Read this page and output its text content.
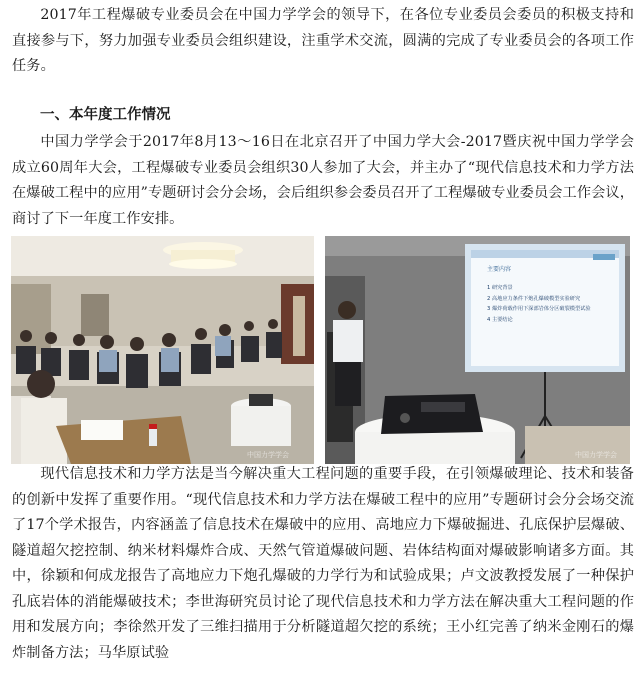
2017年工程爆破专业委员会在中国力学学会的领导下，在各位专业委员会委员的积极支持和直接参与下，努力加强专业委员会组织建设，注重学术交流，圆满的完成了专业委员会的各项工作任务。

一、本年度工作情况

中国力学学会于2017年8月13～16日在北京召开了中国力学大会-2017暨庆祝中国力学学会成立60周年大会，工程爆破专业委员会组织30人参加了大会，并主办了“现代信息技术和力学方法在爆破工程中的应用”专题研讨会分会场，会后组织参会委员召开了工程爆破专业委员会工作会议，商讨了下一年度工作安排。

中国力学学会
主要内容
1 研究背景
2 高地应力条件下炮孔爆破模型实验研究
3 爆炸荷载作用下深部岩体分区破裂模型试验
4 主要结论
中国力学学会

现代信息技术和力学方法是当今解决重大工程问题的重要手段，在引领爆破理论、技术和装备的创新中发挥了重要作用。“现代信息技术和力学方法在爆破工程中的应用”专题研讨会分会场交流了17个学术报告，内容涵盖了信息技术在爆破中的应用、高地应力下爆破掘进、孔底保护层爆破、隧道超欠挖控制、纳米材料爆炸合成、天然气管道爆破问题、岩体结构面对爆破影响诸多方面。其中，徐颖和何成龙报告了高地应力下炮孔爆破的力学行为和试验成果；卢文波教授发展了一种保护孔底岩体的消能爆破技术；李世海研究员讨论了现代信息技术和力学方法在解决重大工程问题的作用和发展方向；李徐然开发了三维扫描用于分析隧道超欠挖的系统；王小红完善了纳米金刚石的爆炸制备方法；马华原试验
